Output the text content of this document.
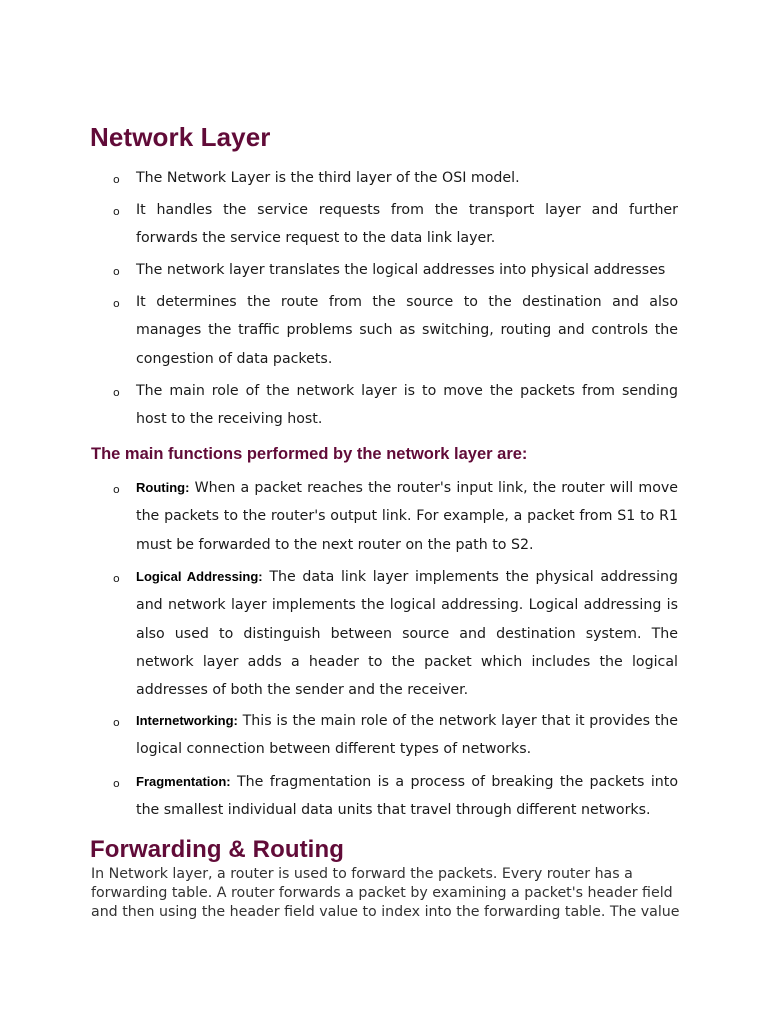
Network Layer
o The Network Layer is the third layer of the OSI model.
o It handles the service requests from the transport layer and further forwards the service request to the data link layer.
o The network layer translates the logical addresses into physical addresses
o It determines the route from the source to the destination and also manages the traffic problems such as switching, routing and controls the congestion of data packets.
o The main role of the network layer is to move the packets from sending host to the receiving host.
The main functions performed by the network layer are:
o Routing: When a packet reaches the router's input link, the router will move the packets to the router's output link. For example, a packet from S1 to R1 must be forwarded to the next router on the path to S2.
o Logical Addressing: The data link layer implements the physical addressing and network layer implements the logical addressing. Logical addressing is also used to distinguish between source and destination system. The network layer adds a header to the packet which includes the logical addresses of both the sender and the receiver.
o Internetworking: This is the main role of the network layer that it provides the logical connection between different types of networks.
o Fragmentation: The fragmentation is a process of breaking the packets into the smallest individual data units that travel through different networks.
Forwarding & Routing

In Network layer, a router is used to forward the packets. Every router has a forwarding table. A router forwards a packet by examining a packet's header field and then using the header field value to index into the forwarding table. The value
